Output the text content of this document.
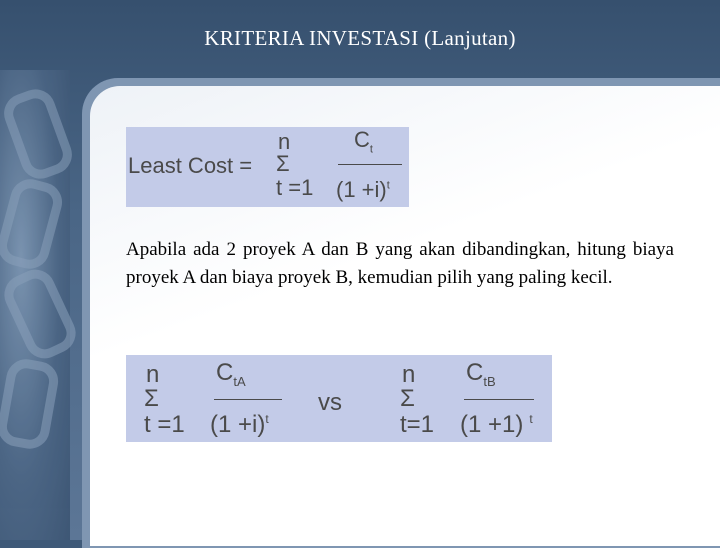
KRITERIA INVESTASI (Lanjutan)
Least Cost =
n
Σ
t =1
$C_t$
$(1 +i)^t$
Apabila ada 2 proyek A dan B yang akan dibandingkan, hitung biaya proyek A dan biaya proyek B, kemudian pilih yang paling kecil.
n
Σ
t =1
$C_{tA}$
$(1 +i)^t$
vs
n
Σ
t=1
$C_{tB}$
(1 +1) $^t$
